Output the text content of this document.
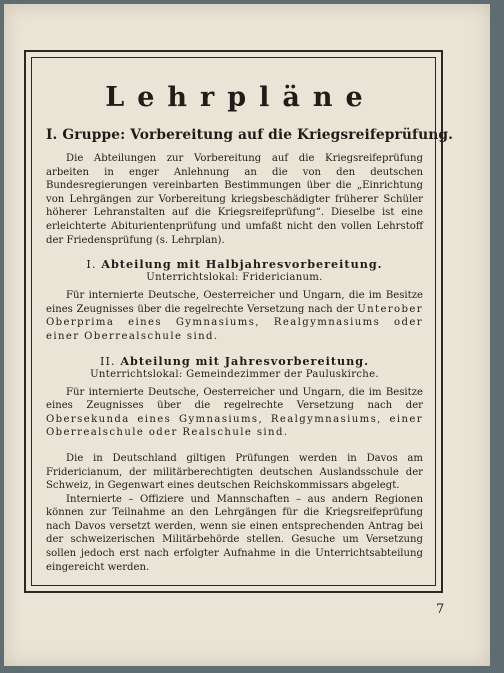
Lehrpläne
I. Gruppe: Vorbereitung auf die Kriegsreifeprüfung.

Die Abteilungen zur Vorbereitung auf die Kriegsreifeprüfung arbeiten in enger Anlehnung an die von den deutschen Bundesregierungen vereinbarten Bestimmungen über die „Einrichtung von Lehrgängen zur Vorbereitung kriegsbeschädigter früherer Schüler höherer Lehranstalten auf die Kriegsreifeprüfung“. Dieselbe ist eine erleichterte Abiturientenprüfung und umfaßt nicht den vollen Lehrstoff der Friedensprüfung (s. Lehrplan).

I. Abteilung mit Halbjahresvorbereitung.
Unterrichtslokal: Fridericianum.

Für internierte Deutsche, Oesterreicher und Ungarn, die im Besitze eines Zeugnisses über die regelrechte Versetzung nach der Unterober Oberprima eines Gymnasiums, Realgymnasiums oder einer Oberrealschule sind.

II. Abteilung mit Jahresvorbereitung.
Unterrichtslokal: Gemeindezimmer der Pauluskirche.

Für internierte Deutsche, Oesterreicher und Ungarn, die im Besitze eines Zeugnisses über die regelrechte Versetzung nach der Obersekunda eines Gymnasiums, Realgymnasiums, einer Oberrealschule oder Realschule sind.

Die in Deutschland giltigen Prüfungen werden in Davos am Fridericianum, der militärberechtigten deutschen Auslandsschule der Schweiz, in Gegenwart eines deutschen Reichskommissars abgelegt.

Internierte – Offiziere und Mannschaften – aus andern Regionen können zur Teilnahme an den Lehrgängen für die Kriegsreifeprüfung nach Davos versetzt werden, wenn sie einen entsprechenden Antrag bei der schweizerischen Militärbehörde stellen. Gesuche um Versetzung sollen jedoch erst nach erfolgter Aufnahme in die Unterrichtsabteilung eingereicht werden.

7
